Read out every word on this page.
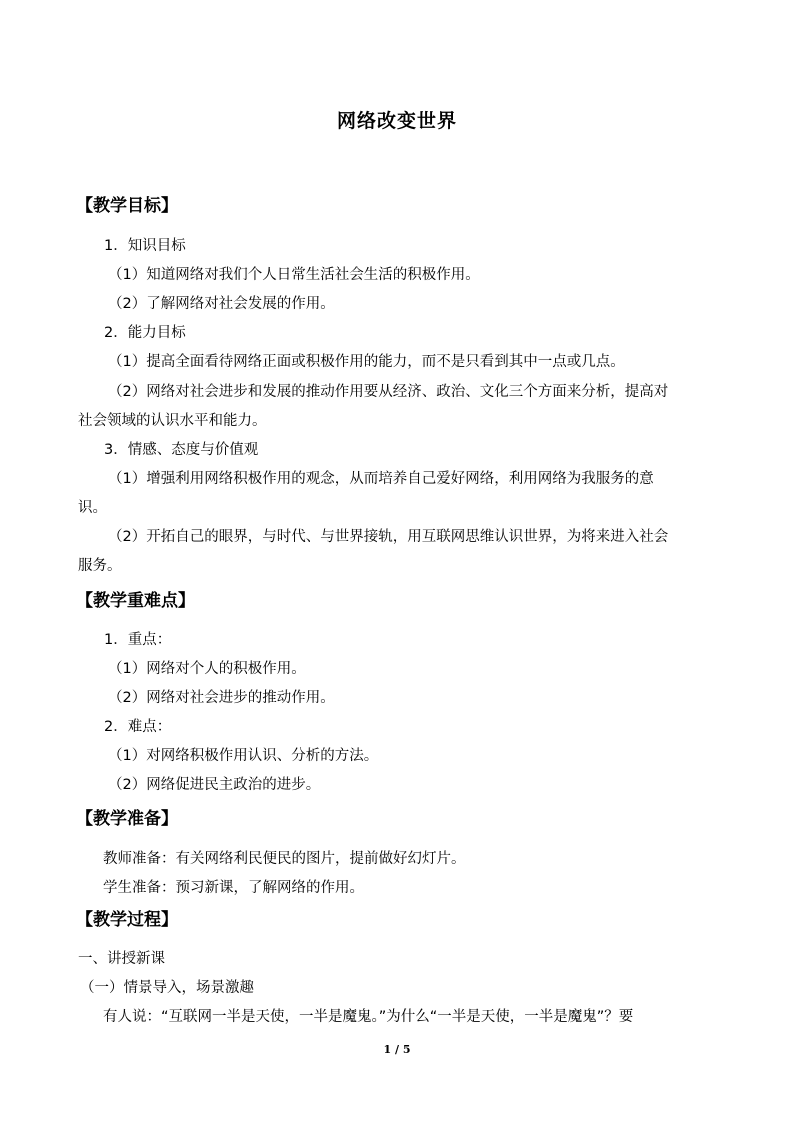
网络改变世界
【教学目标】
1．知识目标
（1）知道网络对我们个人日常生活社会生活的积极作用。
（2）了解网络对社会发展的作用。
2．能力目标
（1）提高全面看待网络正面或积极作用的能力，而不是只看到其中一点或几点。
（2）网络对社会进步和发展的推动作用要从经济、政治、文化三个方面来分析，提高对
社会领域的认识水平和能力。
3．情感、态度与价值观
（1）增强利用网络积极作用的观念，从而培养自己爱好网络，利用网络为我服务的意
识。
（2）开拓自己的眼界，与时代、与世界接轨，用互联网思维认识世界，为将来进入社会
服务。
【教学重难点】
1．重点：
（1）网络对个人的积极作用。
（2）网络对社会进步的推动作用。
2．难点：
（1）对网络积极作用认识、分析的方法。
（2）网络促进民主政治的进步。
【教学准备】
教师准备：有关网络利民便民的图片，提前做好幻灯片。
学生准备：预习新课，了解网络的作用。
【教学过程】
一、讲授新课
（一）情景导入，场景激趣
有人说：“互联网一半是天使，一半是魔鬼。”为什么“一半是天使，一半是魔鬼”？要
1 / 5
